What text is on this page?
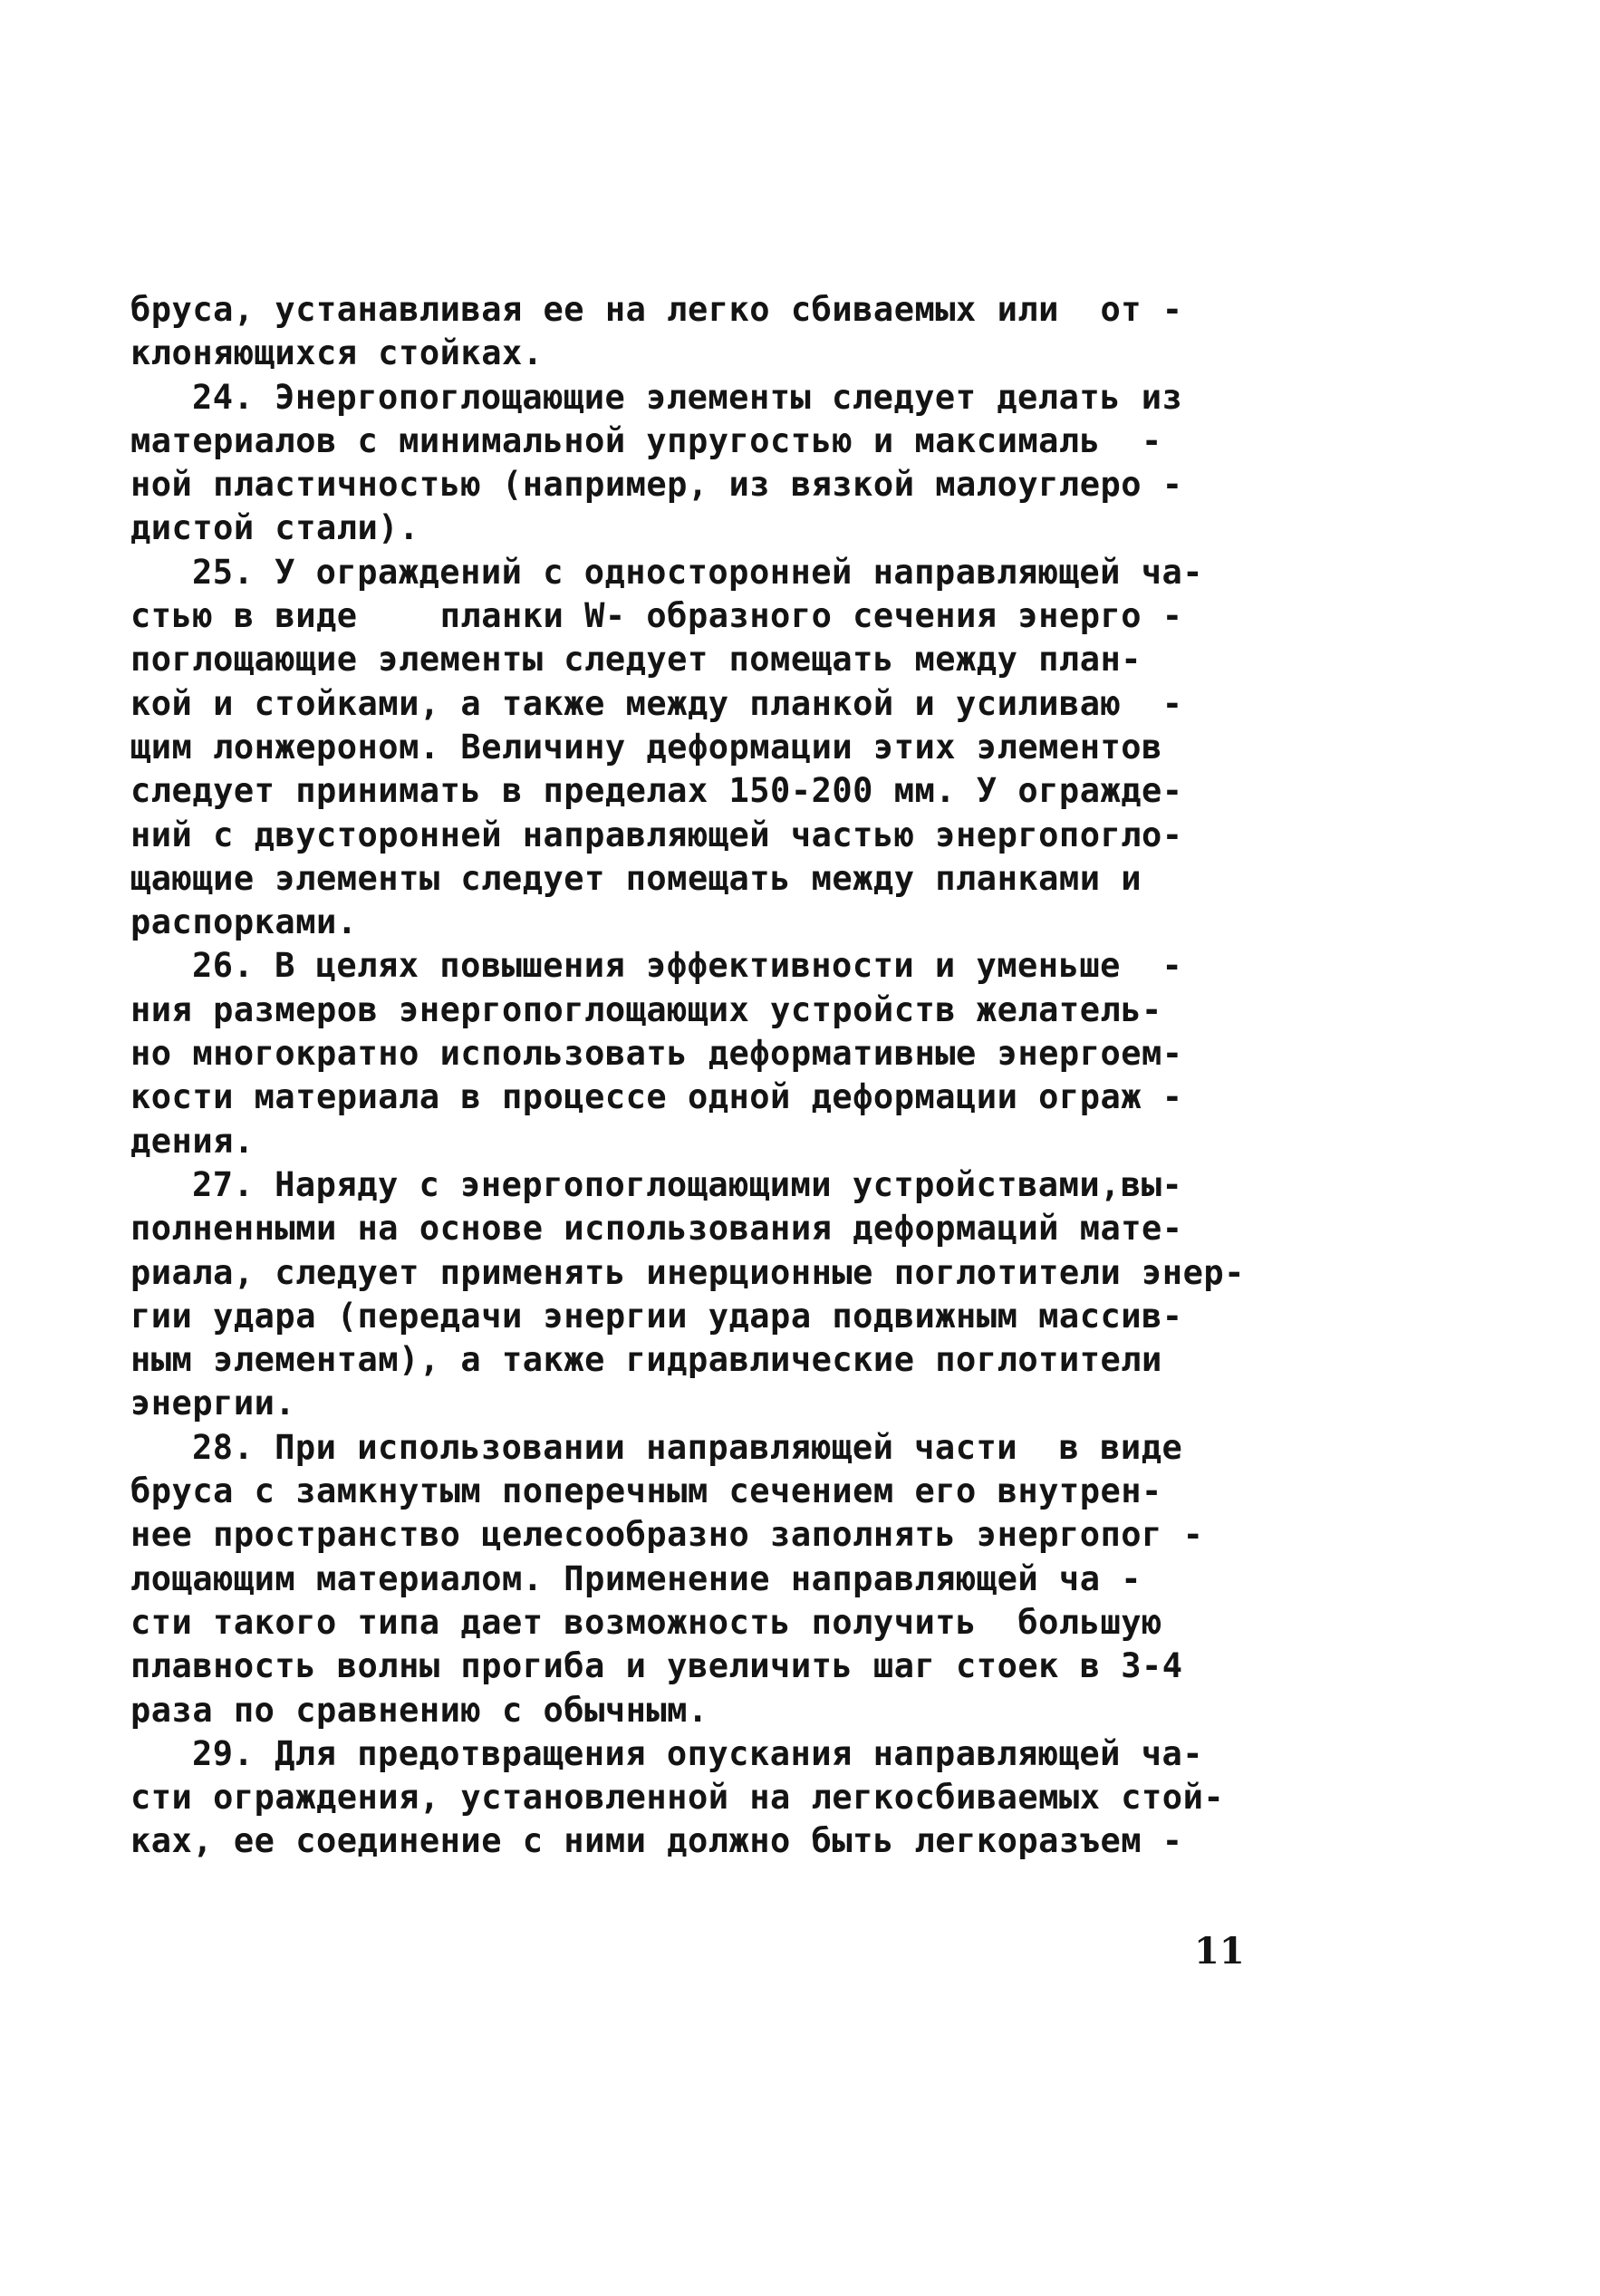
бруса, устанавливая ее на легко сбиваемых или  от -
клоняющихся стойках.
24. Энергопоглощающие элементы следует делать из
материалов с минимальной упругостью и максималь  -
ной пластичностью (например, из вязкой малоуглеро -
дистой стали).
25. У ограждений с односторонней направляющей ча-
стью в виде    планки W- образного сечения энерго -
поглощающие элементы следует помещать между план-
кой и стойками, а также между планкой и усиливаю  -
щим лонжероном. Величину деформации этих элементов
следует принимать в пределах 150-200 мм. У огражде-
ний с двусторонней направляющей частью энергопогло-
щающие элементы следует помещать между планками и
распорками.
26. В целях повышения эффективности и уменьше  -
ния размеров энергопоглощающих устройств желатель-
но многократно использовать деформативные энергоем-
кости материала в процессе одной деформации ограж -
дения.
27. Наряду с энергопоглощающими устройствами,вы-
полненными на основе использования деформаций мате-
риала, следует применять инерционные поглотители энер-
гии удара (передачи энергии удара подвижным массив-
ным элементам), а также гидравлические поглотители
энергии.
28. При использовании направляющей части  в виде
бруса с замкнутым поперечным сечением его внутрен-
нее пространство целесообразно заполнять энергопог -
лощающим материалом. Применение направляющей ча -
сти такого типа дает возможность получить  большую
плавность волны прогиба и увеличить шаг стоек в 3-4
раза по сравнению с обычным.
29. Для предотвращения опускания направляющей ча-
сти ограждения, установленной на легкосбиваемых стой-
ках, ее соединение с ними должно быть легкоразъем -
11
